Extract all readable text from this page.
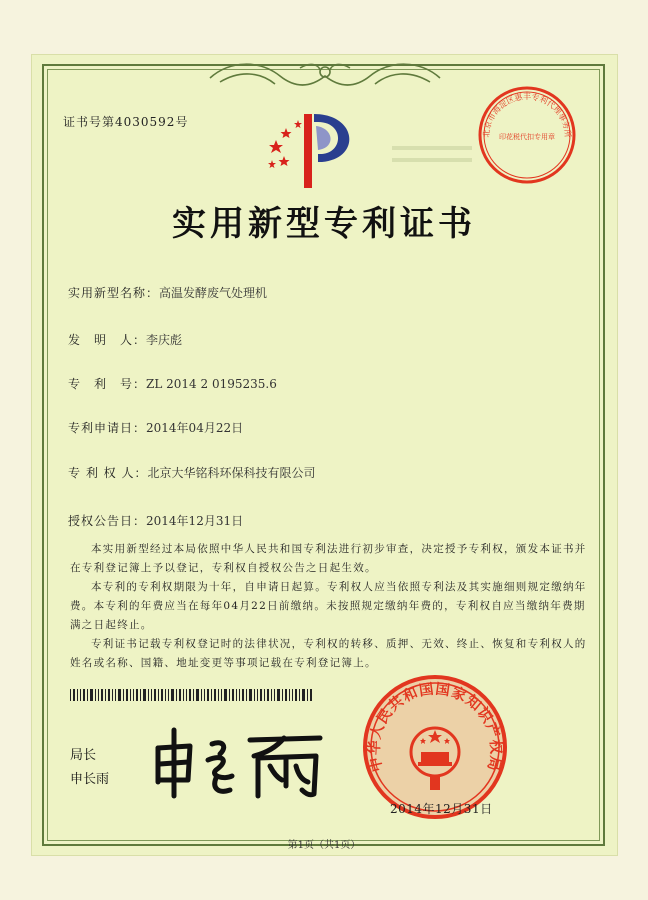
证书号第4030592号
实用新型专利证书
实用新型名称：高温发酵废气处理机
发　明　人：李庆彪
专　利　号：ZL 2014 2 0195235.6
专利申请日：2014年04月22日
专 利 权 人：北京大华铭科环保科技有限公司
授权公告日：2014年12月31日

本实用新型经过本局依照中华人民共和国专利法进行初步审查，决定授予专利权，颁发本证书并在专利登记簿上予以登记，专利权自授权公告之日起生效。

本专利的专利权期限为十年，自申请日起算。专利权人应当依照专利法及其实施细则规定缴纳年费。本专利的年费应当在每年04月22日前缴纳。未按照规定缴纳年费的，专利权自应当缴纳年费期满之日起终止。

专利证书记载专利权登记时的法律状况，专利权的转移、质押、无效、终止、恢复和专利权人的姓名或名称、国籍、地址变更等事项记载在专利登记簿上。

局长
申长雨
中华人民共和国国家知识产权局
2014年12月31日
北京市海淀区惠丰专利代理事务所
印花税代扣专用章
第1页（共1页）
